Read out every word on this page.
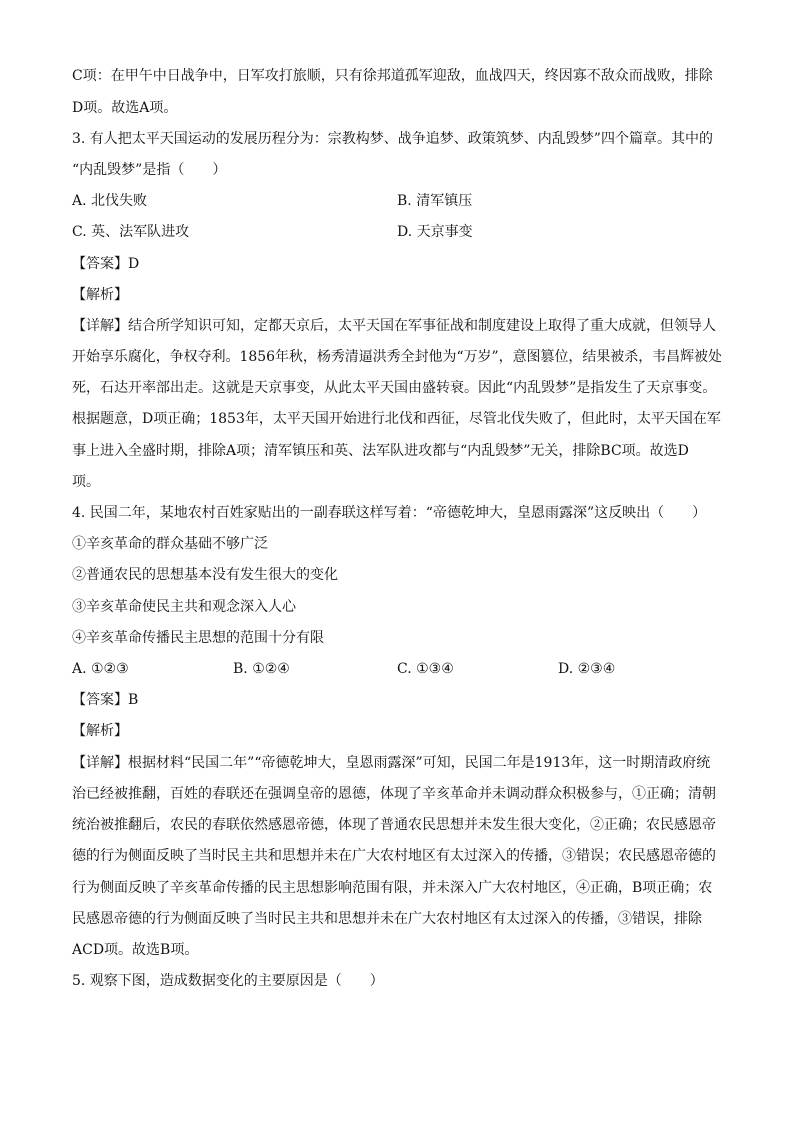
C项：在甲午中日战争中，日军攻打旅顺，只有徐邦道孤军迎敌，血战四天，终因寡不敌众而战败，排除
D项。故选A项。
3. 有人把太平天国运动的发展历程分为：宗教构梦、战争追梦、政策筑梦、内乱毁梦”四个篇章。其中的
“内乱毁梦”是指（　　）
A. 北伐失败	B. 清军镇压
C. 英、法军队进攻	D. 天京事变
【答案】D
【解析】
【详解】结合所学知识可知，定都天京后，太平天国在军事征战和制度建设上取得了重大成就，但领导人
开始享乐腐化，争权夺利。1856年秋，杨秀清逼洪秀全封他为“万岁”，意图篡位，结果被杀，韦昌辉被处
死，石达开率部出走。这就是天京事变，从此太平天国由盛转衰。因此“内乱毁梦”是指发生了天京事变。
根据题意，D项正确；1853年，太平天国开始进行北伐和西征，尽管北伐失败了，但此时，太平天国在军
事上进入全盛时期，排除A项；清军镇压和英、法军队进攻都与“内乱毁梦”无关，排除BC项。故选D
项。
4. 民国二年，某地农村百姓家贴出的一副春联这样写着：“帝德乾坤大，皇恩雨露深”这反映出（　　）
①辛亥革命的群众基础不够广泛
②普通农民的思想基本没有发生很大的变化
③辛亥革命使民主共和观念深入人心
④辛亥革命传播民主思想的范围十分有限
A. ①②③	B. ①②④	C. ①③④	D. ②③④
【答案】B
【解析】
【详解】根据材料“民国二年”“帝德乾坤大，皇恩雨露深”可知，民国二年是1913年，这一时期清政府统
治已经被推翻，百姓的春联还在强调皇帝的恩德，体现了辛亥革命并未调动群众积极参与，①正确；清朝
统治被推翻后，农民的春联依然感恩帝德，体现了普通农民思想并未发生很大变化，②正确；农民感恩帝
德的行为侧面反映了当时民主共和思想并未在广大农村地区有太过深入的传播，③错误；农民感恩帝德的
行为侧面反映了辛亥革命传播的民主思想影响范围有限，并未深入广大农村地区，④正确，B项正确；农
民感恩帝德的行为侧面反映了当时民主共和思想并未在广大农村地区有太过深入的传播，③错误，排除
ACD项。故选B项。
5. 观察下图，造成数据变化的主要原因是（　　）
